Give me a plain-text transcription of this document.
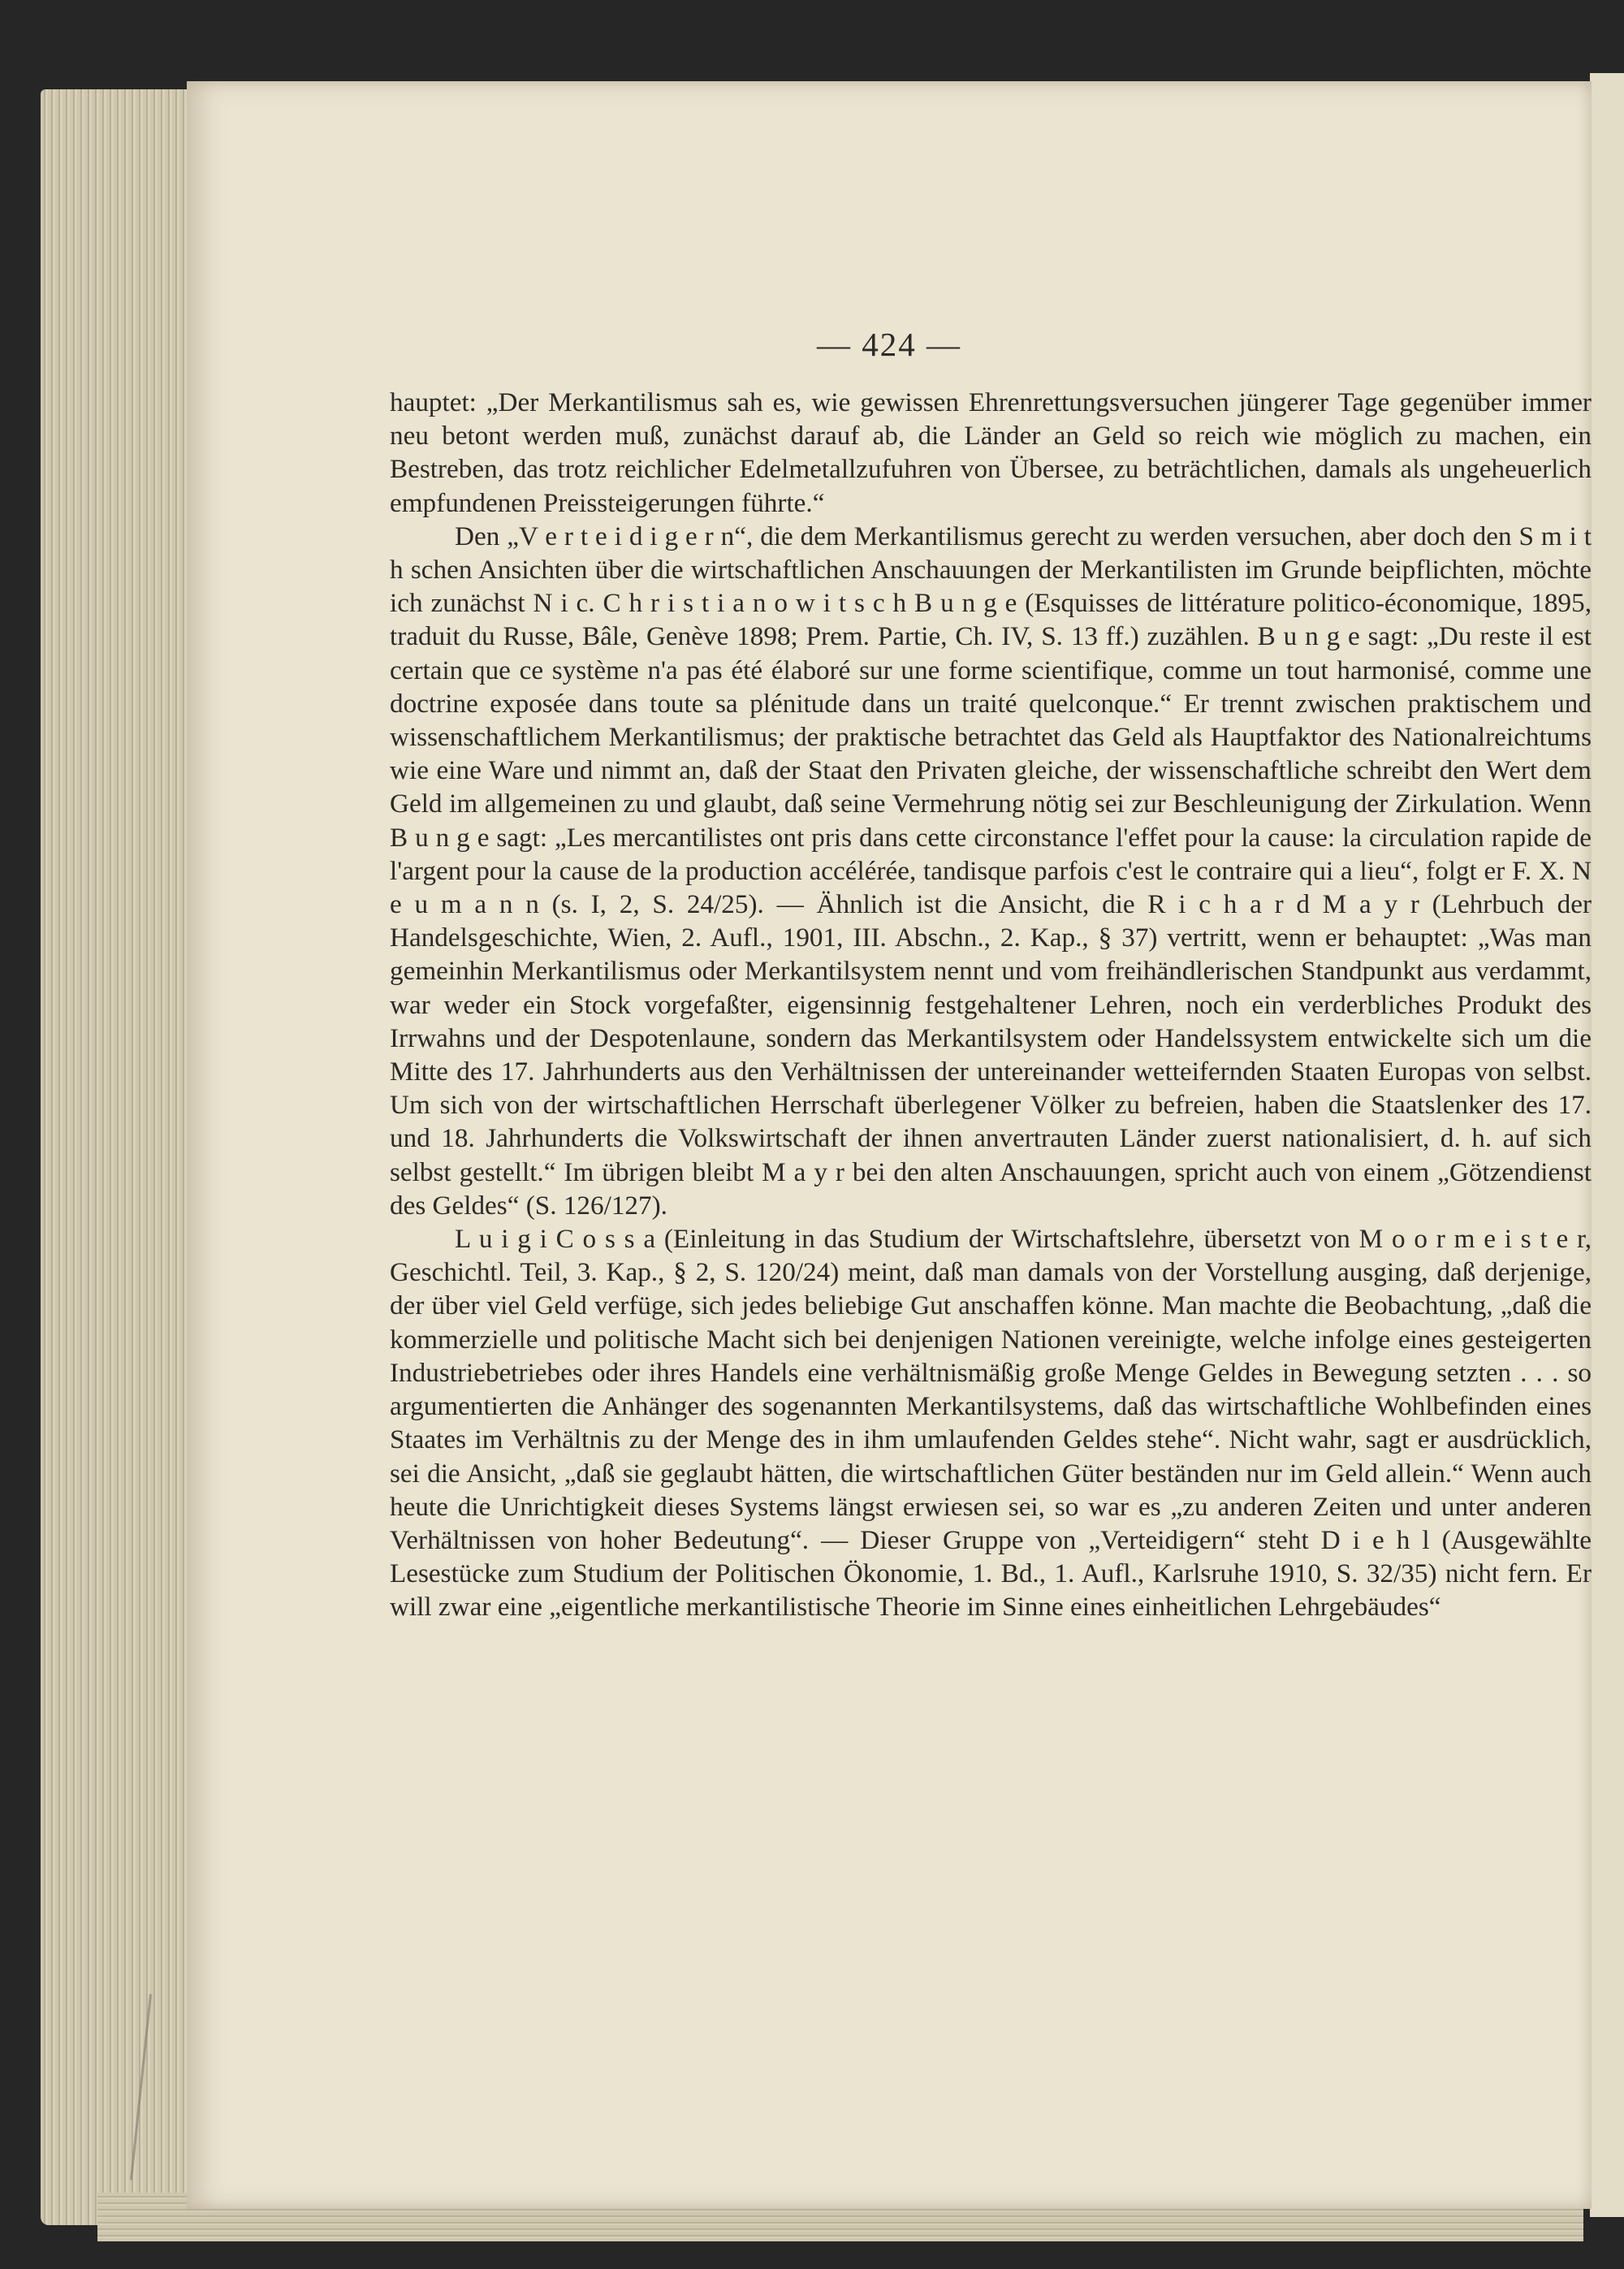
— 424 —

hauptet: „Der Merkantilismus sah es, wie gewissen Ehrenrettungsversuchen jüngerer Tage gegenüber immer neu betont werden muß, zunächst darauf ab, die Länder an Geld so reich wie möglich zu machen, ein Bestreben, das trotz reichlicher Edelmetallzufuhren von Übersee, zu beträchtlichen, damals als ungeheuerlich empfundenen Preissteigerungen führte.“

Den „V e r t e i d i g e r n“, die dem Merkantilismus gerecht zu werden versuchen, aber doch den S m i t h schen Ansichten über die wirtschaftlichen Anschauungen der Merkantilisten im Grunde beipflichten, möchte ich zunächst N i c. C h r i s t i a n o w i t s c h B u n g e (Esquisses de littérature politico-économique, 1895, traduit du Russe, Bâle, Genève 1898; Prem. Partie, Ch. IV, S. 13 ff.) zuzählen. B u n g e sagt: „Du reste il est certain que ce système n'a pas été élaboré sur une forme scientifique, comme un tout harmonisé, comme une doctrine exposée dans toute sa plénitude dans un traité quelconque.“ Er trennt zwischen praktischem und wissenschaftlichem Merkantilismus; der praktische betrachtet das Geld als Hauptfaktor des Nationalreichtums wie eine Ware und nimmt an, daß der Staat den Privaten gleiche, der wissenschaftliche schreibt den Wert dem Geld im allgemeinen zu und glaubt, daß seine Vermehrung nötig sei zur Beschleunigung der Zirkulation. Wenn B u n g e sagt: „Les mercantilistes ont pris dans cette circonstance l'effet pour la cause: la circulation rapide de l'argent pour la cause de la production accélérée, tandisque parfois c'est le contraire qui a lieu“, folgt er F. X. N e u m a n n (s. I, 2, S. 24/25). — Ähnlich ist die Ansicht, die R i c h a r d M a y r (Lehrbuch der Handelsgeschichte, Wien, 2. Aufl., 1901, III. Abschn., 2. Kap., § 37) vertritt, wenn er behauptet: „Was man gemeinhin Merkantilismus oder Merkantilsystem nennt und vom freihändlerischen Standpunkt aus verdammt, war weder ein Stock vorgefaßter, eigensinnig festgehaltener Lehren, noch ein verderbliches Produkt des Irrwahns und der Despotenlaune, sondern das Merkantilsystem oder Handelssystem entwickelte sich um die Mitte des 17. Jahrhunderts aus den Verhältnissen der untereinander wetteifernden Staaten Europas von selbst. Um sich von der wirtschaftlichen Herrschaft überlegener Völker zu befreien, haben die Staatslenker des 17. und 18. Jahrhunderts die Volkswirtschaft der ihnen anvertrauten Länder zuerst nationalisiert, d. h. auf sich selbst gestellt.“ Im übrigen bleibt M a y r bei den alten Anschauungen, spricht auch von einem „Götzendienst des Geldes“ (S. 126/127).

L u i g i C o s s a (Einleitung in das Studium der Wirtschaftslehre, übersetzt von M o o r m e i s t e r, Geschichtl. Teil, 3. Kap., § 2, S. 120/24) meint, daß man damals von der Vorstellung ausging, daß derjenige, der über viel Geld verfüge, sich jedes beliebige Gut anschaffen könne. Man machte die Beobachtung, „daß die kommerzielle und politische Macht sich bei denjenigen Nationen vereinigte, welche infolge eines gesteigerten Industriebetriebes oder ihres Handels eine verhältnismäßig große Menge Geldes in Bewegung setzten . . . so argumentierten die Anhänger des sogenannten Merkantilsystems, daß das wirtschaftliche Wohlbefinden eines Staates im Verhältnis zu der Menge des in ihm umlaufenden Geldes stehe“. Nicht wahr, sagt er ausdrücklich, sei die Ansicht, „daß sie geglaubt hätten, die wirtschaftlichen Güter beständen nur im Geld allein.“ Wenn auch heute die Unrichtigkeit dieses Systems längst erwiesen sei, so war es „zu anderen Zeiten und unter anderen Verhältnissen von hoher Bedeutung“. — Dieser Gruppe von „Verteidigern“ steht D i e h l (Ausgewählte Lesestücke zum Studium der Politischen Ökonomie, 1. Bd., 1. Aufl., Karlsruhe 1910, S. 32/35) nicht fern. Er will zwar eine „eigentliche merkantilistische Theorie im Sinne eines einheitlichen Lehrgebäudes“
